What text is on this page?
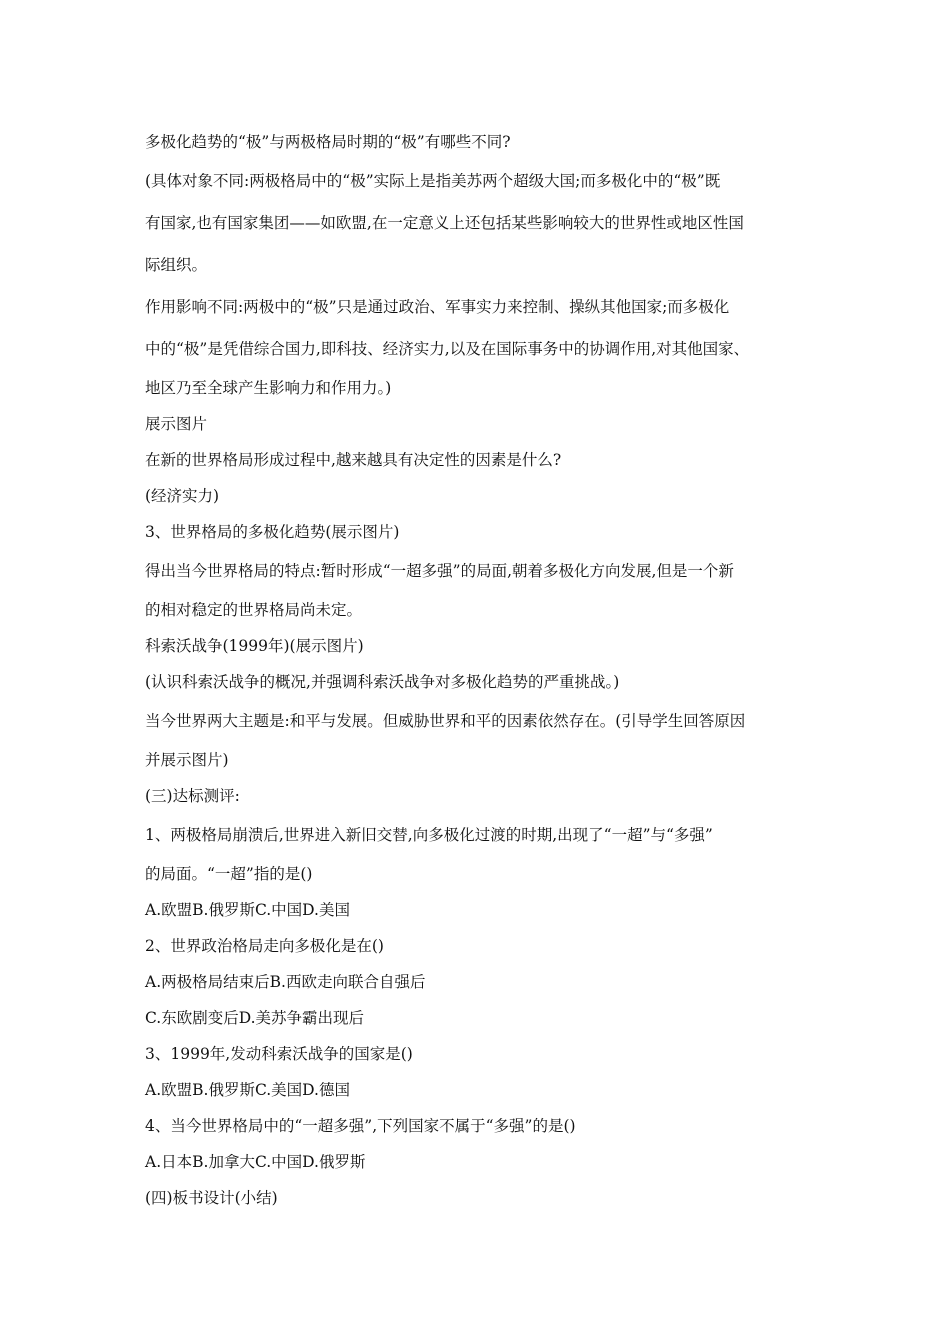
多极化趋势的“极”与两极格局时期的“极”有哪些不同?
(具体对象不同:两极格局中的“极”实际上是指美苏两个超级大国;而多极化中的“极”既
有国家,也有国家集团——如欧盟,在一定意义上还包括某些影响较大的世界性或地区性国
际组织。
作用影响不同:两极中的“极”只是通过政治、军事实力来控制、操纵其他国家;而多极化
中的“极”是凭借综合国力,即科技、经济实力,以及在国际事务中的协调作用,对其他国家、
地区乃至全球产生影响力和作用力。)
展示图片
在新的世界格局形成过程中,越来越具有决定性的因素是什么?
(经济实力)
3、世界格局的多极化趋势(展示图片)
得出当今世界格局的特点:暂时形成“一超多强”的局面,朝着多极化方向发展,但是一个新
的相对稳定的世界格局尚未定。
科索沃战争(1999年)(展示图片)
(认识科索沃战争的概况,并强调科索沃战争对多极化趋势的严重挑战。)
当今世界两大主题是:和平与发展。但威胁世界和平的因素依然存在。(引导学生回答原因
并展示图片)
(三)达标测评:
1、两极格局崩溃后,世界进入新旧交替,向多极化过渡的时期,出现了“一超”与“多强”
的局面。“一超”指的是()
A.欧盟B.俄罗斯C.中国D.美国
2、世界政治格局走向多极化是在()
A.两极格局结束后B.西欧走向联合自强后
C.东欧剧变后D.美苏争霸出现后
3、1999年,发动科索沃战争的国家是()
A.欧盟B.俄罗斯C.美国D.德国
4、当今世界格局中的“一超多强”,下列国家不属于“多强”的是()
A.日本B.加拿大C.中国D.俄罗斯
(四)板书设计(小结)
